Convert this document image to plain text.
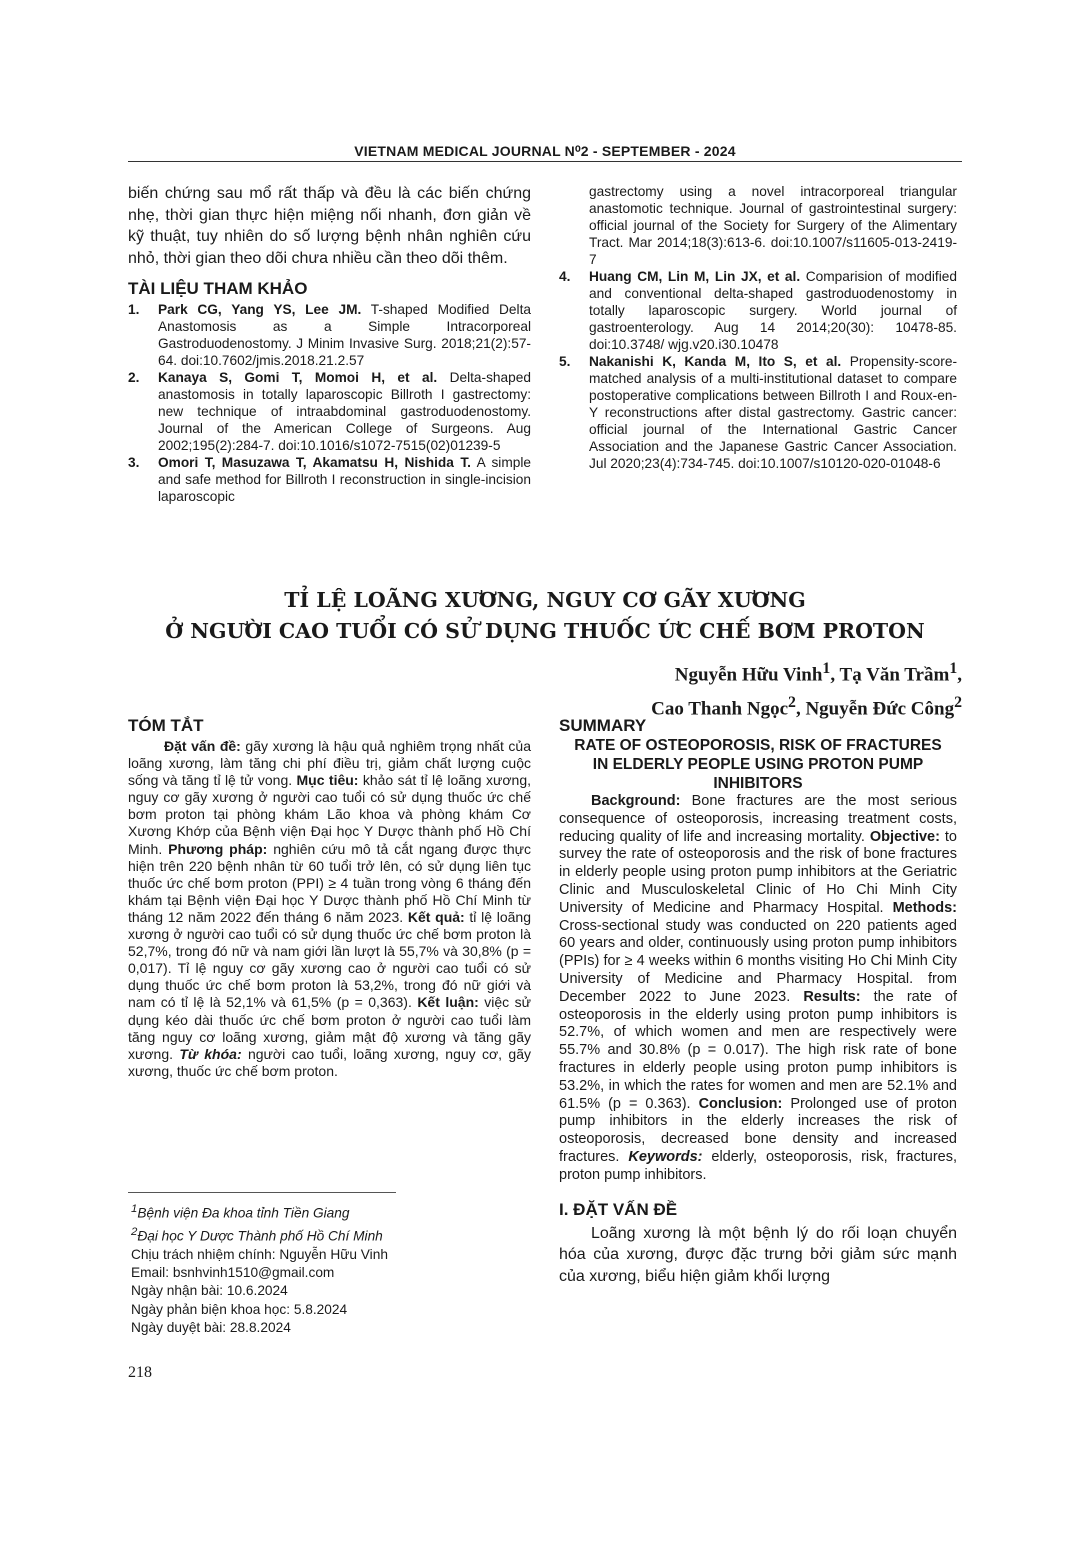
VIETNAM MEDICAL JOURNAL N⁰2 - SEPTEMBER - 2024

biến chứng sau mổ rất thấp và đều là các biến chứng nhẹ, thời gian thực hiện miệng nối nhanh, đơn giản về kỹ thuật, tuy nhiên do số lượng bệnh nhân nghiên cứu nhỏ, thời gian theo dõi chưa nhiều cần theo dõi thêm.

TÀI LIỆU THAM KHẢO
1.	Park CG, Yang YS, Lee JM. T-shaped Modified Delta Anastomosis as a Simple Intracorporeal Gastroduodenostomy. J Minim Invasive Surg. 2018;21(2):57-64. doi:10.7602/jmis.2018.21.2.57
2.	Kanaya S, Gomi T, Momoi H, et al. Delta-shaped anastomosis in totally laparoscopic Billroth I gastrectomy: new technique of intraabdominal gastroduodenostomy. Journal of the American College of Surgeons. Aug 2002;195(2):284-7. doi:10.1016/s1072-7515(02)01239-5
3.	Omori T, Masuzawa T, Akamatsu H, Nishida T. A simple and safe method for Billroth I reconstruction in single-incision laparoscopic
gastrectomy using a novel intracorporeal triangular anastomotic technique. Journal of gastrointestinal surgery: official journal of the Society for Surgery of the Alimentary Tract. Mar 2014;18(3):613-6. doi:10.1007/s11605-013-2419-7
4.	Huang CM, Lin M, Lin JX, et al. Comparision of modified and conventional delta-shaped gastroduodenostomy in totally laparoscopic surgery. World journal of gastroenterology. Aug 14 2014;20(30): 10478-85. doi:10.3748/ wjg.v20.i30.10478
5.	Nakanishi K, Kanda M, Ito S, et al. Propensity-score-matched analysis of a multi-institutional dataset to compare postoperative complications between Billroth I and Roux-en-Y reconstructions after distal gastrectomy. Gastric cancer: official journal of the International Gastric Cancer Association and the Japanese Gastric Cancer Association. Jul 2020;23(4):734-745. doi:10.1007/s10120-020-01048-6
TỈ LỆ LOÃNG XƯƠNG, NGUY CƠ GÃY XƯƠNG
Ở NGƯỜI CAO TUỔI CÓ SỬ DỤNG THUỐC ỨC CHẾ BƠM PROTON
Nguyễn Hữu Vinh$^1$, Tạ Văn Trầm$^1$,
Cao Thanh Ngọc$^2$, Nguyễn Đức Công$^2$
TÓM TẮT

Đặt vấn đề: gãy xương là hậu quả nghiêm trọng nhất của loãng xương, làm tăng chi phí điều trị, giảm chất lượng cuộc sống và tăng tỉ lệ tử vong. Mục tiêu: khảo sát tỉ lệ loãng xương, nguy cơ gãy xương ở người cao tuổi có sử dụng thuốc ức chế bơm proton tại phòng khám Lão khoa và phòng khám Cơ Xương Khớp của Bệnh viện Đại học Y Dược thành phố Hồ Chí Minh. Phương pháp: nghiên cứu mô tả cắt ngang được thực hiện trên 220 bệnh nhân từ 60 tuổi trở lên, có sử dụng liên tục thuốc ức chế bơm proton (PPI) ≥ 4 tuần trong vòng 6 tháng đến khám tại Bệnh viện Đại học Y Dược thành phố Hồ Chí Minh từ tháng 12 năm 2022 đến tháng 6 năm 2023. Kết quả: tỉ lệ loãng xương ở người cao tuổi có sử dụng thuốc ức chế bơm proton là 52,7%, trong đó nữ và nam giới lần lượt là 55,7% và 30,8% (p = 0,017). Tỉ lệ nguy cơ gãy xương cao ở người cao tuổi có sử dụng thuốc ức chế bơm proton là 53,2%, trong đó nữ giới và nam có tỉ lệ là 52,1% và 61,5% (p = 0,363). Kết luận: việc sử dụng kéo dài thuốc ức chế bơm proton ở người cao tuổi làm tăng nguy cơ loãng xương, giảm mật độ xương và tăng gãy xương. Từ khóa: người cao tuổi, loãng xương, nguy cơ, gãy xương, thuốc ức chế bơm proton.

$^1$Bệnh viện Đa khoa tỉnh Tiền Giang
$^2$Đại học Y Dược Thành phố Hồ Chí Minh
Chịu trách nhiệm chính: Nguyễn Hữu Vinh
Email: bsnhvinh1510@gmail.com
Ngày nhận bài: 10.6.2024
Ngày phản biện khoa học: 5.8.2024
Ngày duyệt bài: 28.8.2024
SUMMARY
RATE OF OSTEOPOROSIS, RISK OF FRACTURES IN ELDERLY PEOPLE USING PROTON PUMP INHIBITORS

Background: Bone fractures are the most serious consequence of osteoporosis, increasing treatment costs, reducing quality of life and increasing mortality. Objective: to survey the rate of osteoporosis and the risk of bone fractures in elderly people using proton pump inhibitors at the Geriatric Clinic and Musculoskeletal Clinic of Ho Chi Minh City University of Medicine and Pharmacy Hospital. Methods: Cross-sectional study was conducted on 220 patients aged 60 years and older, continuously using proton pump inhibitors (PPIs) for ≥ 4 weeks within 6 months visiting Ho Chi Minh City University of Medicine and Pharmacy Hospital. from December 2022 to June 2023. Results: the rate of osteoporosis in the elderly using proton pump inhibitors is 52.7%, of which women and men are respectively were 55.7% and 30.8% (p = 0.017). The high risk rate of bone fractures in elderly people using proton pump inhibitors is 53.2%, in which the rates for women and men are 52.1% and 61.5% (p = 0.363). Conclusion: Prolonged use of proton pump inhibitors in the elderly increases the risk of osteoporosis, decreased bone density and increased fractures. Keywords: elderly, osteoporosis, risk, fractures, proton pump inhibitors.

I. ĐẶT VẤN ĐỀ

Loãng xương là một bệnh lý do rối loạn chuyển hóa của xương, được đặc trưng bởi giảm sức mạnh của xương, biểu hiện giảm khối lượng

218
